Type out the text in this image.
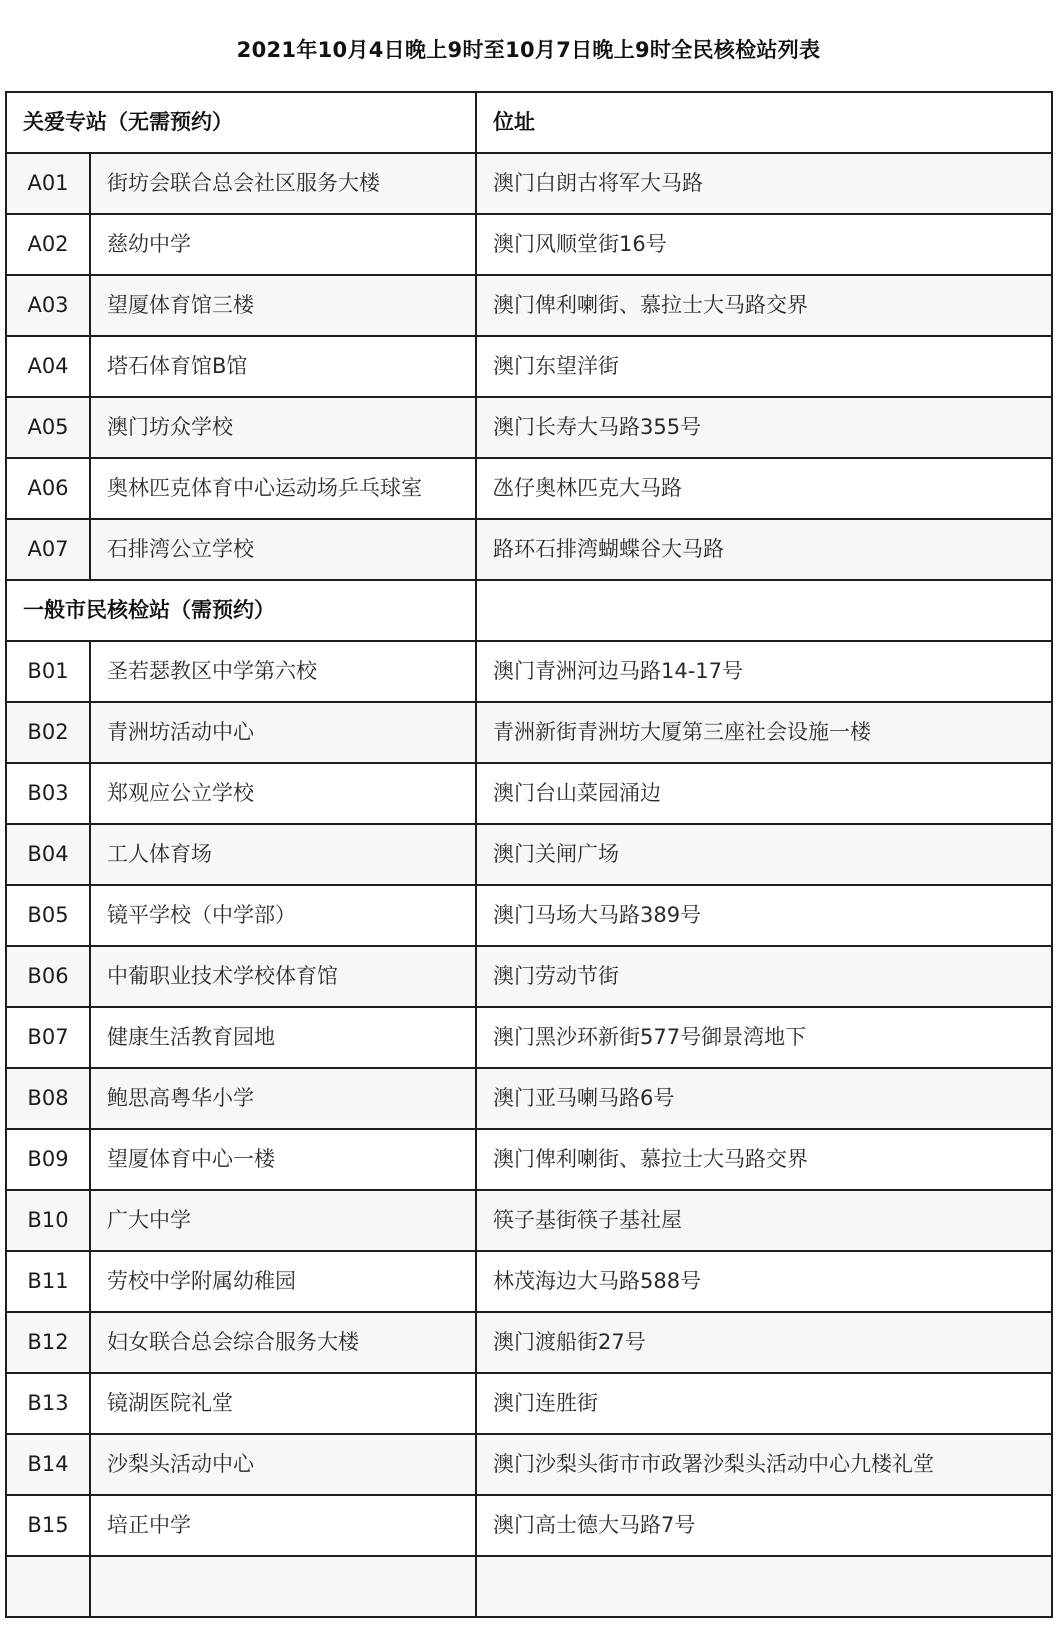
2021年10月4日晚上9时至10月7日晚上9时全民核检站列表
关爱专站（无需预约）		位址
A01	街坊会联合总会社区服务大楼	澳门白朗古将军大马路
A02	慈幼中学	澳门风顺堂街16号
A03	望厦体育馆三楼	澳门俾利喇街、慕拉士大马路交界
A04	塔石体育馆B馆	澳门东望洋街
A05	澳门坊众学校	澳门长寿大马路355号
A06	奥林匹克体育中心运动场乒乓球室	氹仔奥林匹克大马路
A07	石排湾公立学校	路环石排湾蝴蝶谷大马路
一般市民核检站（需预约）		
B01	圣若瑟教区中学第六校	澳门青洲河边马路14-17号
B02	青洲坊活动中心	青洲新街青洲坊大厦第三座社会设施一楼
B03	郑观应公立学校	澳门台山菜园涌边
B04	工人体育场	澳门关闸广场
B05	镜平学校（中学部）	澳门马场大马路389号
B06	中葡职业技术学校体育馆	澳门劳动节街
B07	健康生活教育园地	澳门黑沙环新街577号御景湾地下
B08	鲍思高粤华小学	澳门亚马喇马路6号
B09	望厦体育中心一楼	澳门俾利喇街、慕拉士大马路交界
B10	广大中学	筷子基街筷子基社屋
B11	劳校中学附属幼稚园	林茂海边大马路588号
B12	妇女联合总会综合服务大楼	澳门渡船街27号
B13	镜湖医院礼堂	澳门连胜街
B14	沙梨头活动中心	澳门沙梨头街市市政署沙梨头活动中心九楼礼堂
B15	培正中学	澳门高士德大马路7号
